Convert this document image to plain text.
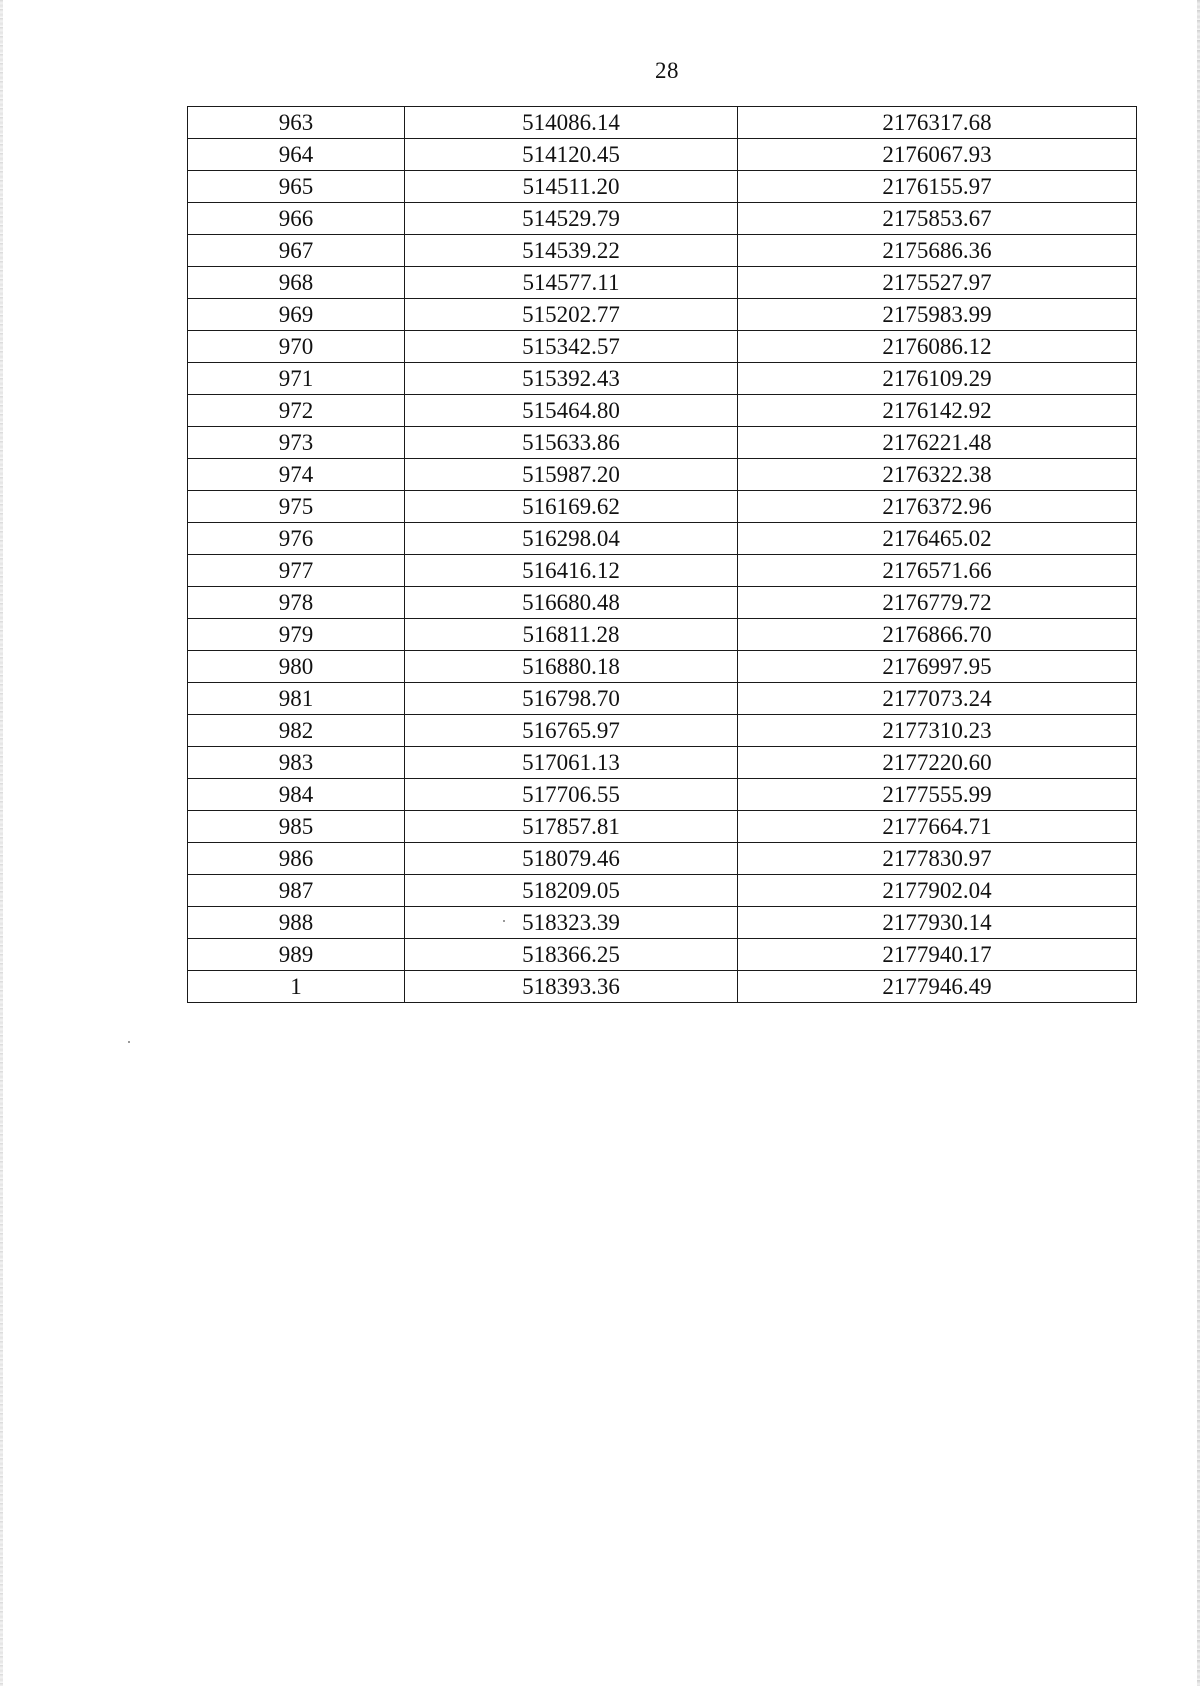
28
963	514086.14	2176317.68
964	514120.45	2176067.93
965	514511.20	2176155.97
966	514529.79	2175853.67
967	514539.22	2175686.36
968	514577.11	2175527.97
969	515202.77	2175983.99
970	515342.57	2176086.12
971	515392.43	2176109.29
972	515464.80	2176142.92
973	515633.86	2176221.48
974	515987.20	2176322.38
975	516169.62	2176372.96
976	516298.04	2176465.02
977	516416.12	2176571.66
978	516680.48	2176779.72
979	516811.28	2176866.70
980	516880.18	2176997.95
981	516798.70	2177073.24
982	516765.97	2177310.23
983	517061.13	2177220.60
984	517706.55	2177555.99
985	517857.81	2177664.71
986	518079.46	2177830.97
987	518209.05	2177902.04
988	518323.39	2177930.14
989	518366.25	2177940.17
1	518393.36	2177946.49
